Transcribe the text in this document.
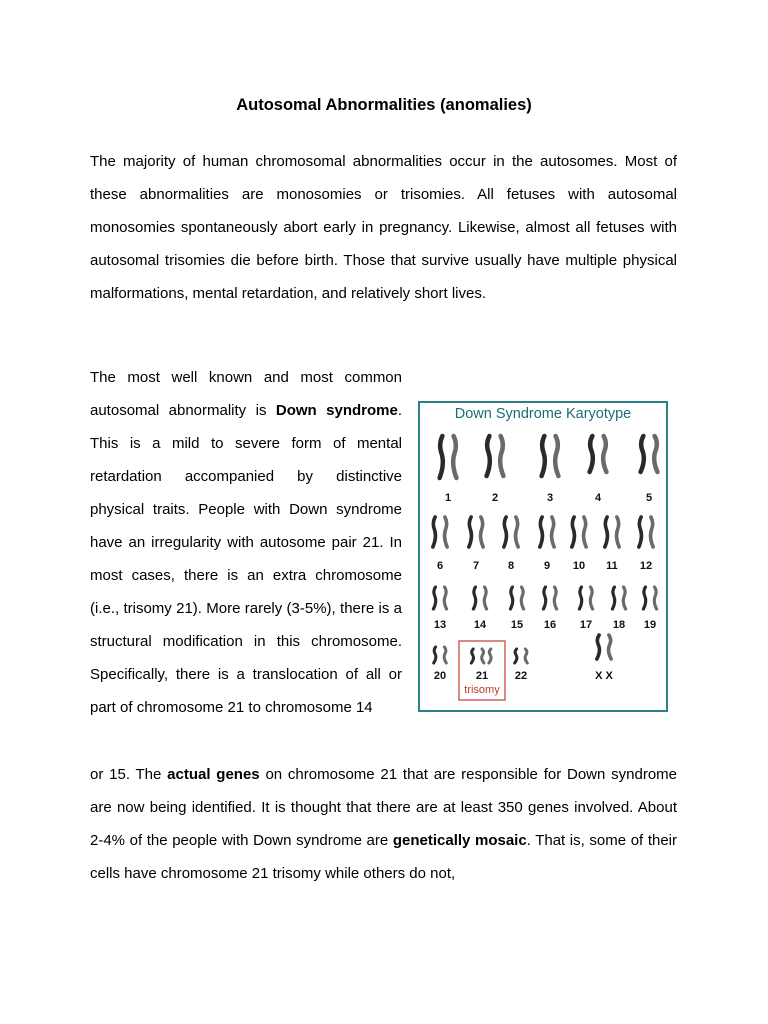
Autosomal Abnormalities (anomalies)

The majority of human chromosomal abnormalities occur in the autosomes. Most of these abnormalities are monosomies or trisomies. All fetuses with autosomal monosomies spontaneously abort early in pregnancy. Likewise, almost all fetuses with autosomal trisomies die before birth. Those that survive usually have multiple physical malformations, mental retardation, and relatively short lives.

The most well known and most common autosomal abnormality is Down syndrome. This is a mild to severe form of mental retardation accompanied by distinctive physical traits. People with Down syndrome have an irregularity with autosome pair 21. In most cases, there is an extra chromosome (i.e., trisomy 21). More rarely (3-5%), there is a structural modification in this chromosome. Specifically, there is a translocation of all or part of chromosome 21 to chromosome 14

or 15. The actual genes on chromosome 21 that are responsible for Down syndrome are now being identified. It is thought that there are at least 350 genes involved. About 2-4% of the people with Down syndrome are genetically mosaic. That is, some of their cells have chromosome 21 trisomy while others do not,

Down Syndrome Karyotype
1	2	3	4	5
6	7	8	9 10 11 12
13	14 15 16 17 18 19
20	21 22	X X
trisomy
